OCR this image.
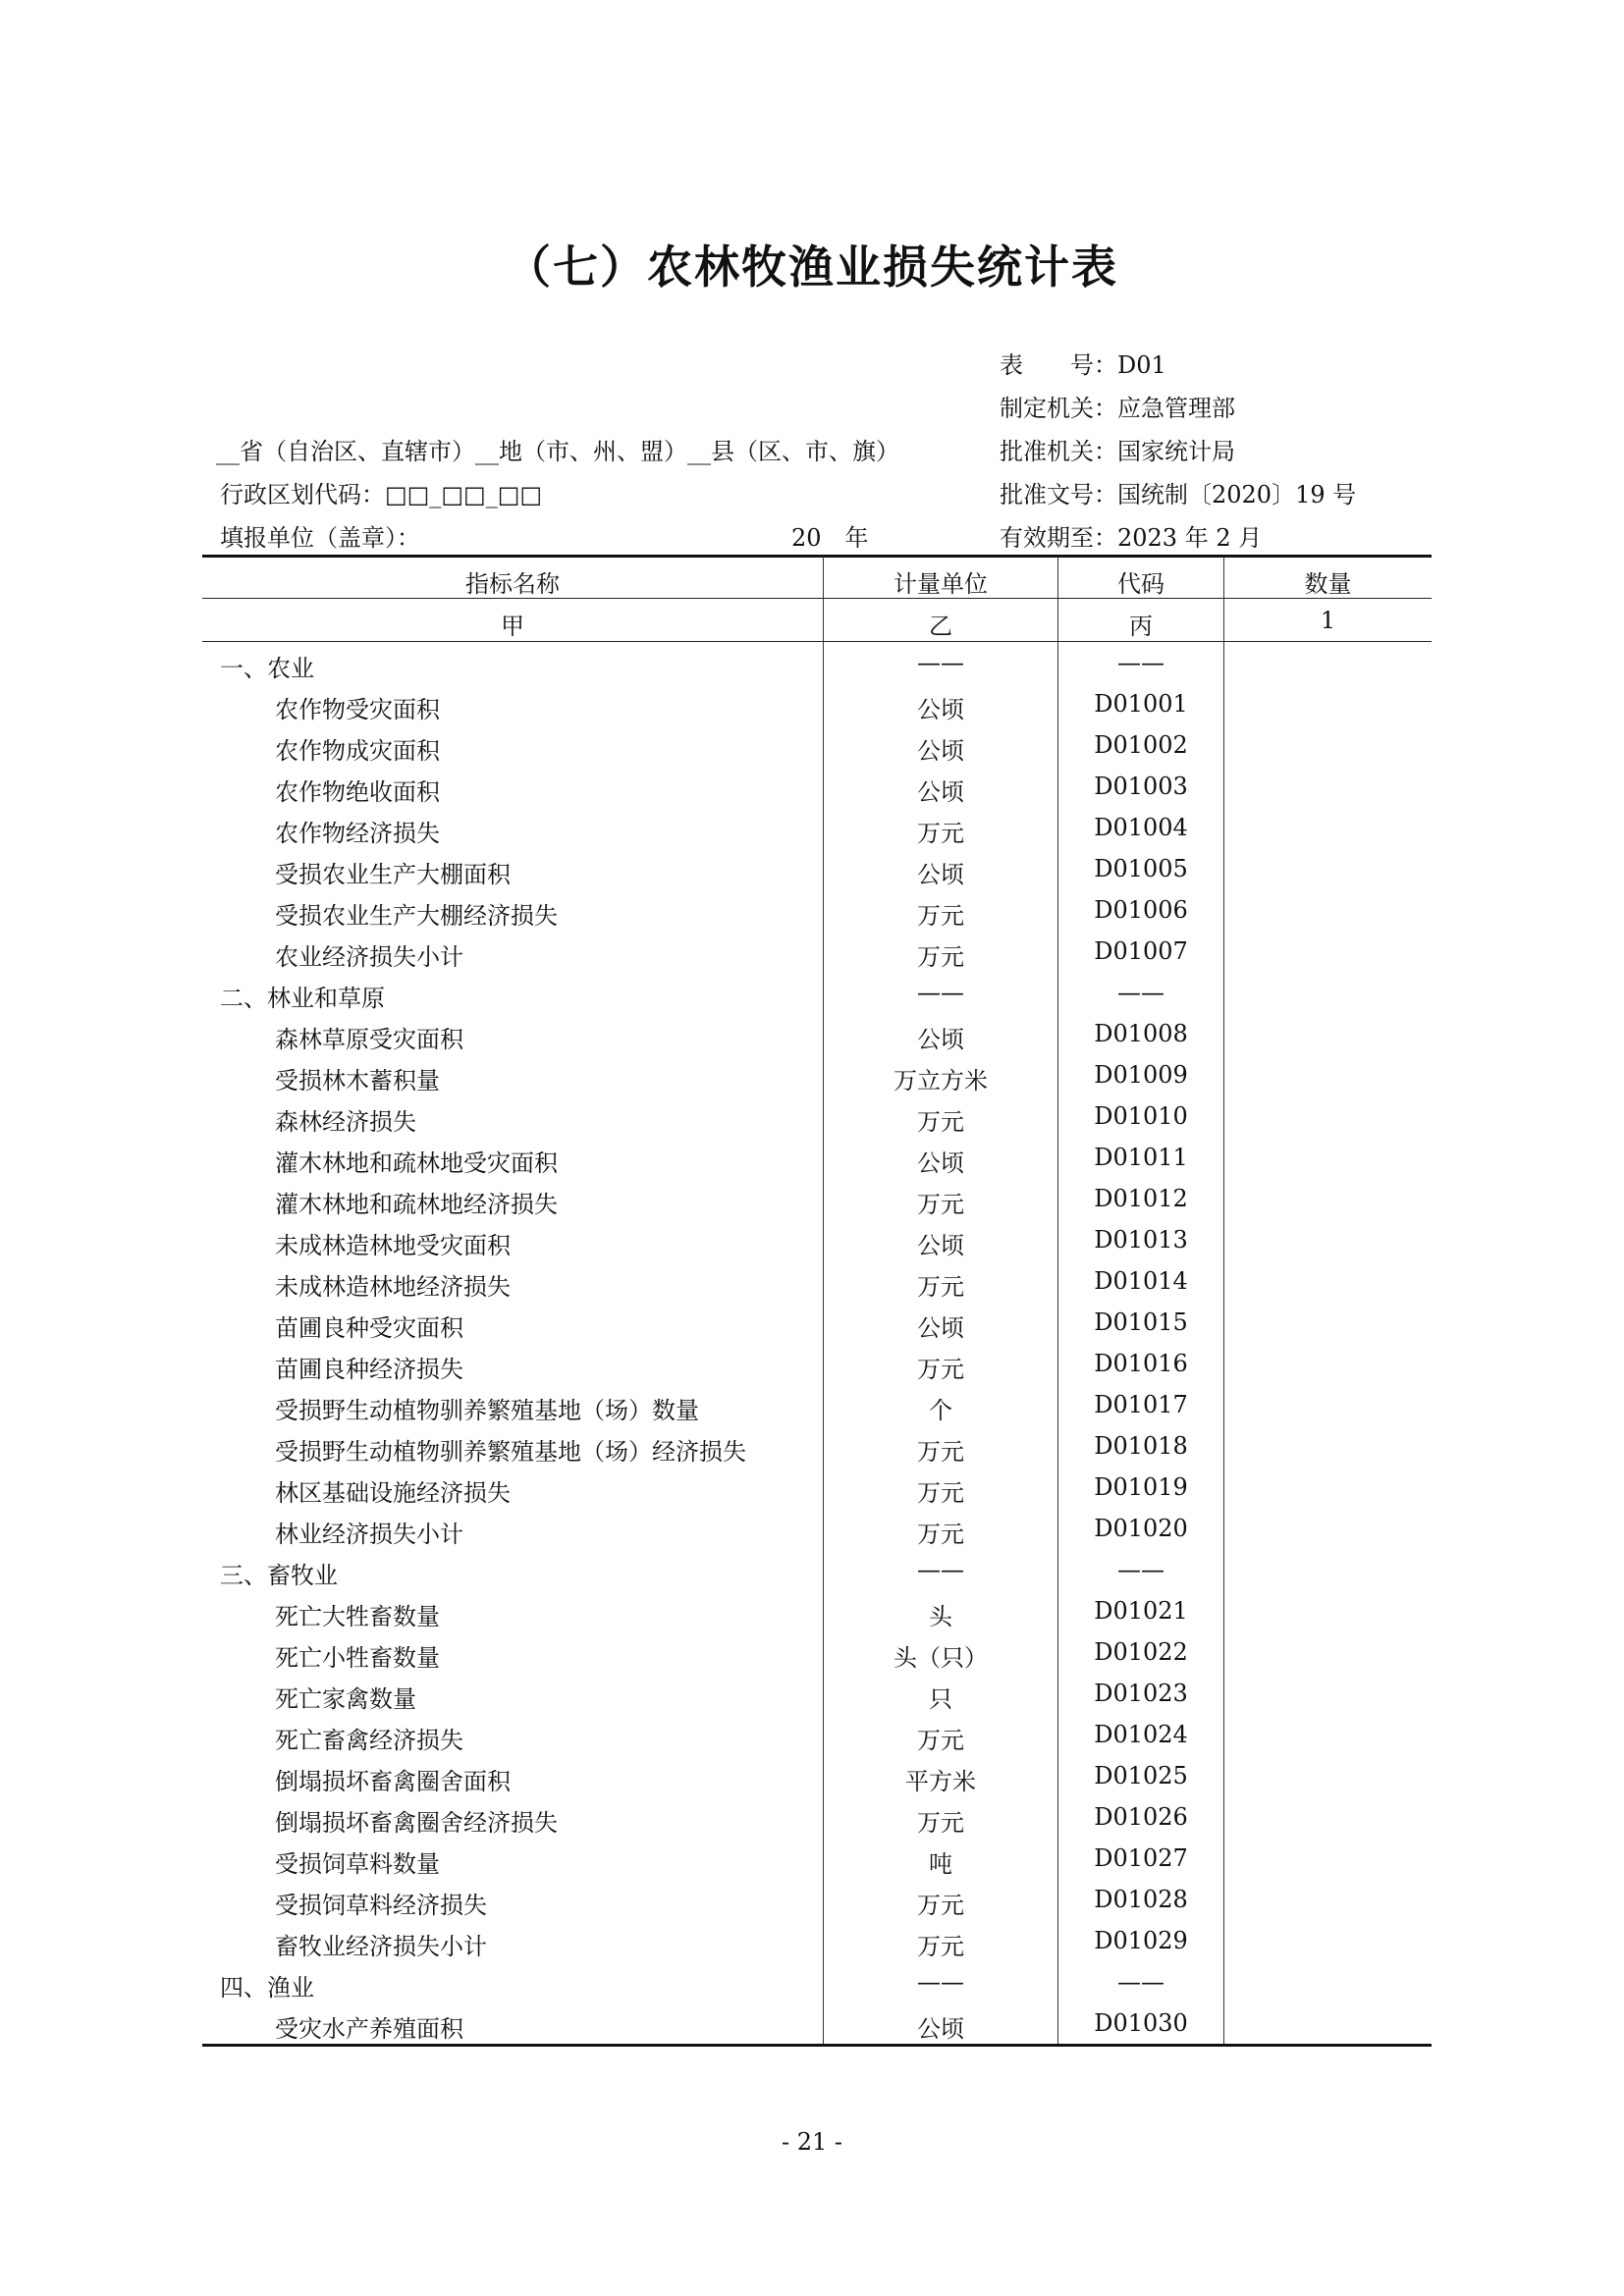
（七）农林牧渔业损失统计表
表　　号：D01
制定机关：应急管理部
批准机关：国家统计局
批准文号：国统制〔2020〕19 号
有效期至：2023 年 2 月
__省（自治区、直辖市）__地（市、州、盟）__县（区、市、旗）
行政区划代码：□□_□□_□□
填报单位（盖章）：	20　年
指标名称	计量单位	代码	数量
甲	乙	丙	1
一、农业	——	——
农作物受灾面积	公顷	D01001
农作物成灾面积	公顷	D01002
农作物绝收面积	公顷	D01003
农作物经济损失	万元	D01004
受损农业生产大棚面积	公顷	D01005
受损农业生产大棚经济损失	万元	D01006
农业经济损失小计	万元	D01007
二、林业和草原	——	——
森林草原受灾面积	公顷	D01008
受损林木蓄积量	万立方米	D01009
森林经济损失	万元	D01010
灌木林地和疏林地受灾面积	公顷	D01011
灌木林地和疏林地经济损失	万元	D01012
未成林造林地受灾面积	公顷	D01013
未成林造林地经济损失	万元	D01014
苗圃良种受灾面积	公顷	D01015
苗圃良种经济损失	万元	D01016
受损野生动植物驯养繁殖基地（场）数量	个	D01017
受损野生动植物驯养繁殖基地（场）经济损失	万元	D01018
林区基础设施经济损失	万元	D01019
林业经济损失小计	万元	D01020
三、畜牧业	——	——
死亡大牲畜数量	头	D01021
死亡小牲畜数量	头（只）	D01022
死亡家禽数量	只	D01023
死亡畜禽经济损失	万元	D01024
倒塌损坏畜禽圈舍面积	平方米	D01025
倒塌损坏畜禽圈舍经济损失	万元	D01026
受损饲草料数量	吨	D01027
受损饲草料经济损失	万元	D01028
畜牧业经济损失小计	万元	D01029
四、渔业	——	——
受灾水产养殖面积	公顷	D01030
- 21 -
